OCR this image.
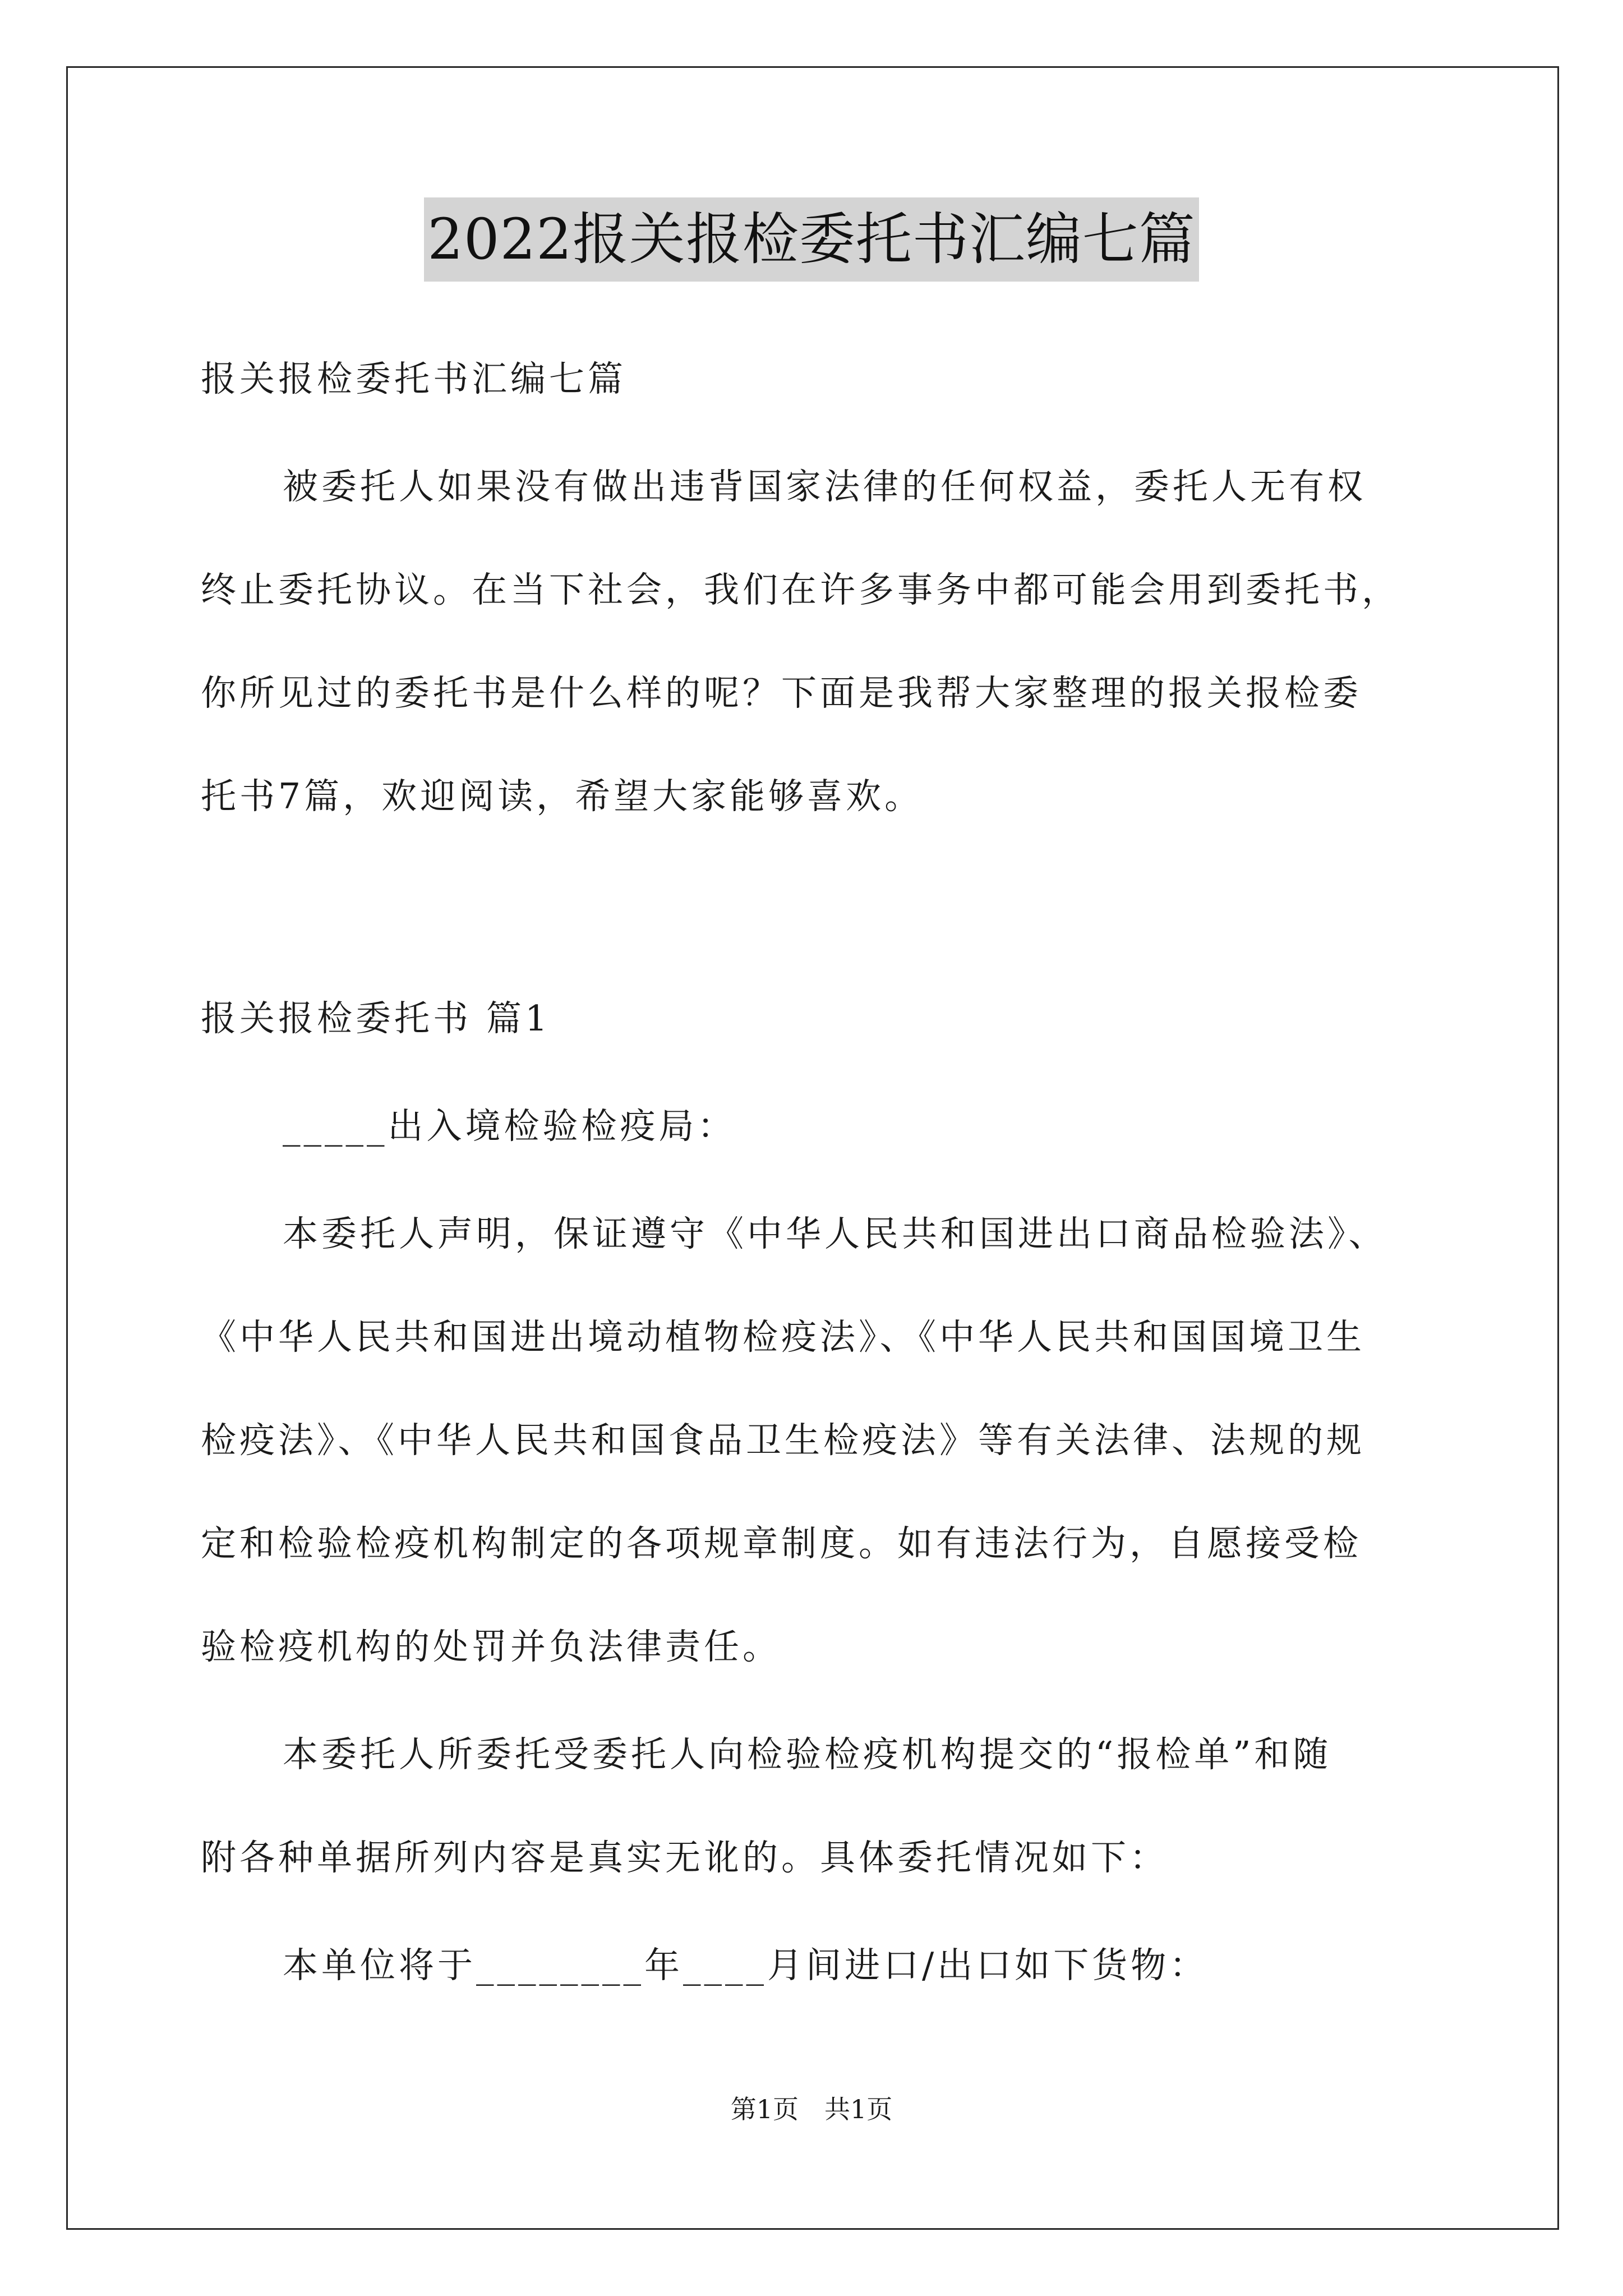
2022报关报检委托书汇编七篇
报关报检委托书汇编七篇
被委托人如果没有做出违背国家法律的任何权益，委托人无有权
终止委托协议。在当下社会，我们在许多事务中都可能会用到委托书，
你所见过的委托书是什么样的呢？下面是我帮大家整理的报关报检委
托书7篇，欢迎阅读，希望大家能够喜欢。
报关报检委托书 篇1
_____出入境检验检疫局：
本委托人声明，保证遵守《中华人民共和国进出口商品检验法》、
《中华人民共和国进出境动植物检疫法》、《中华人民共和国国境卫生
检疫法》、《中华人民共和国食品卫生检疫法》等有关法律、法规的规
定和检验检疫机构制定的各项规章制度。如有违法行为，自愿接受检
验检疫机构的处罚并负法律责任。
本委托人所委托受委托人向检验检疫机构提交的“报检单”和随
附各种单据所列内容是真实无讹的。具体委托情况如下：
本单位将于________年____月间进口/出口如下货物：
第1页　共1页
